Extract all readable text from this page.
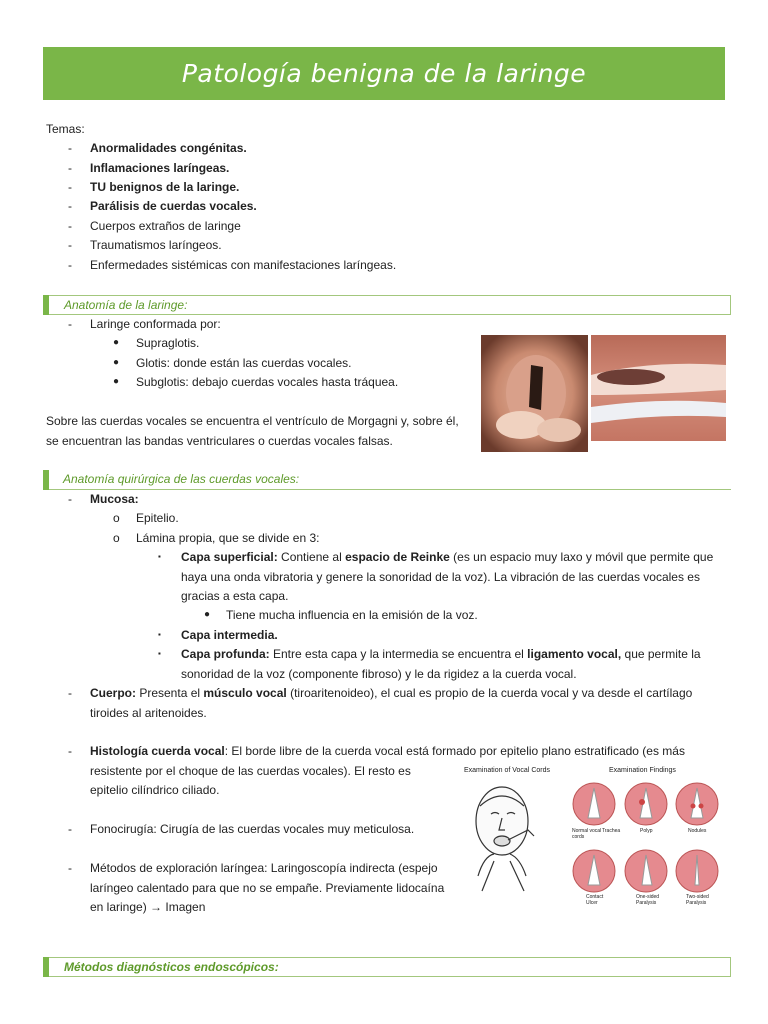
Patología benigna de la laringe
Temas:
- Anormalidades congénitas.
- Inflamaciones laríngeas.
- TU benignos de la laringe.
- Parálisis de cuerdas vocales.
- Cuerpos extraños de laringe
- Traumatismos laríngeos.
- Enfermedades sistémicas con manifestaciones laríngeas.
Anatomía de la laringe:
- Laringe conformada por:
● Supraglotis.
● Glotis: donde están las cuerdas vocales.
● Subglotis: debajo cuerdas vocales hasta tráquea.
Sobre las cuerdas vocales se encuentra el ventrículo de Morgagni y, sobre él,
se encuentran las bandas ventriculares o cuerdas vocales falsas.
Anatomía quirúrgica de las cuerdas vocales:
- Mucosa:
o Epitelio.
o Lámina propia, que se divide en 3:
▪ Capa superficial: Contiene al espacio de Reinke (es un espacio muy laxo y móvil que permite que
haya una onda vibratoria y genere la sonoridad de la voz). La vibración de las cuerdas vocales es
gracias a esta capa.
● Tiene mucha influencia en la emisión de la voz.
▪ Capa intermedia.
▪ Capa profunda: Entre esta capa y la intermedia se encuentra el ligamento vocal, que permite la
sonoridad de la voz (componente fibroso) y le da rigidez a la cuerda vocal.
- Cuerpo: Presenta el músculo vocal (tiroaritenoideo), el cual es propio de la cuerda vocal y va desde el cartílago
tiroides al aritenoides.
- Histología cuerda vocal: El borde libre de la cuerda vocal está formado por epitelio plano estratificado (es más
resistente por el choque de las cuerdas vocales). El resto es
epitelio cilíndrico ciliado.
- Fonocirugía: Cirugía de las cuerdas vocales muy meticulosa.
- Métodos de exploración laríngea: Laringoscopía indirecta (espejo
laríngeo calentado para que no se empañe. Previamente lidocaína
en laringe) → Imagen
Examination of Vocal Cords	Examination Findings
Normal vocal cords
Trachea	Polyp	Nodules
Contact Ulcer
One-sided Paralysis
Two-sided Paralysis
Métodos diagnósticos endoscópicos:
